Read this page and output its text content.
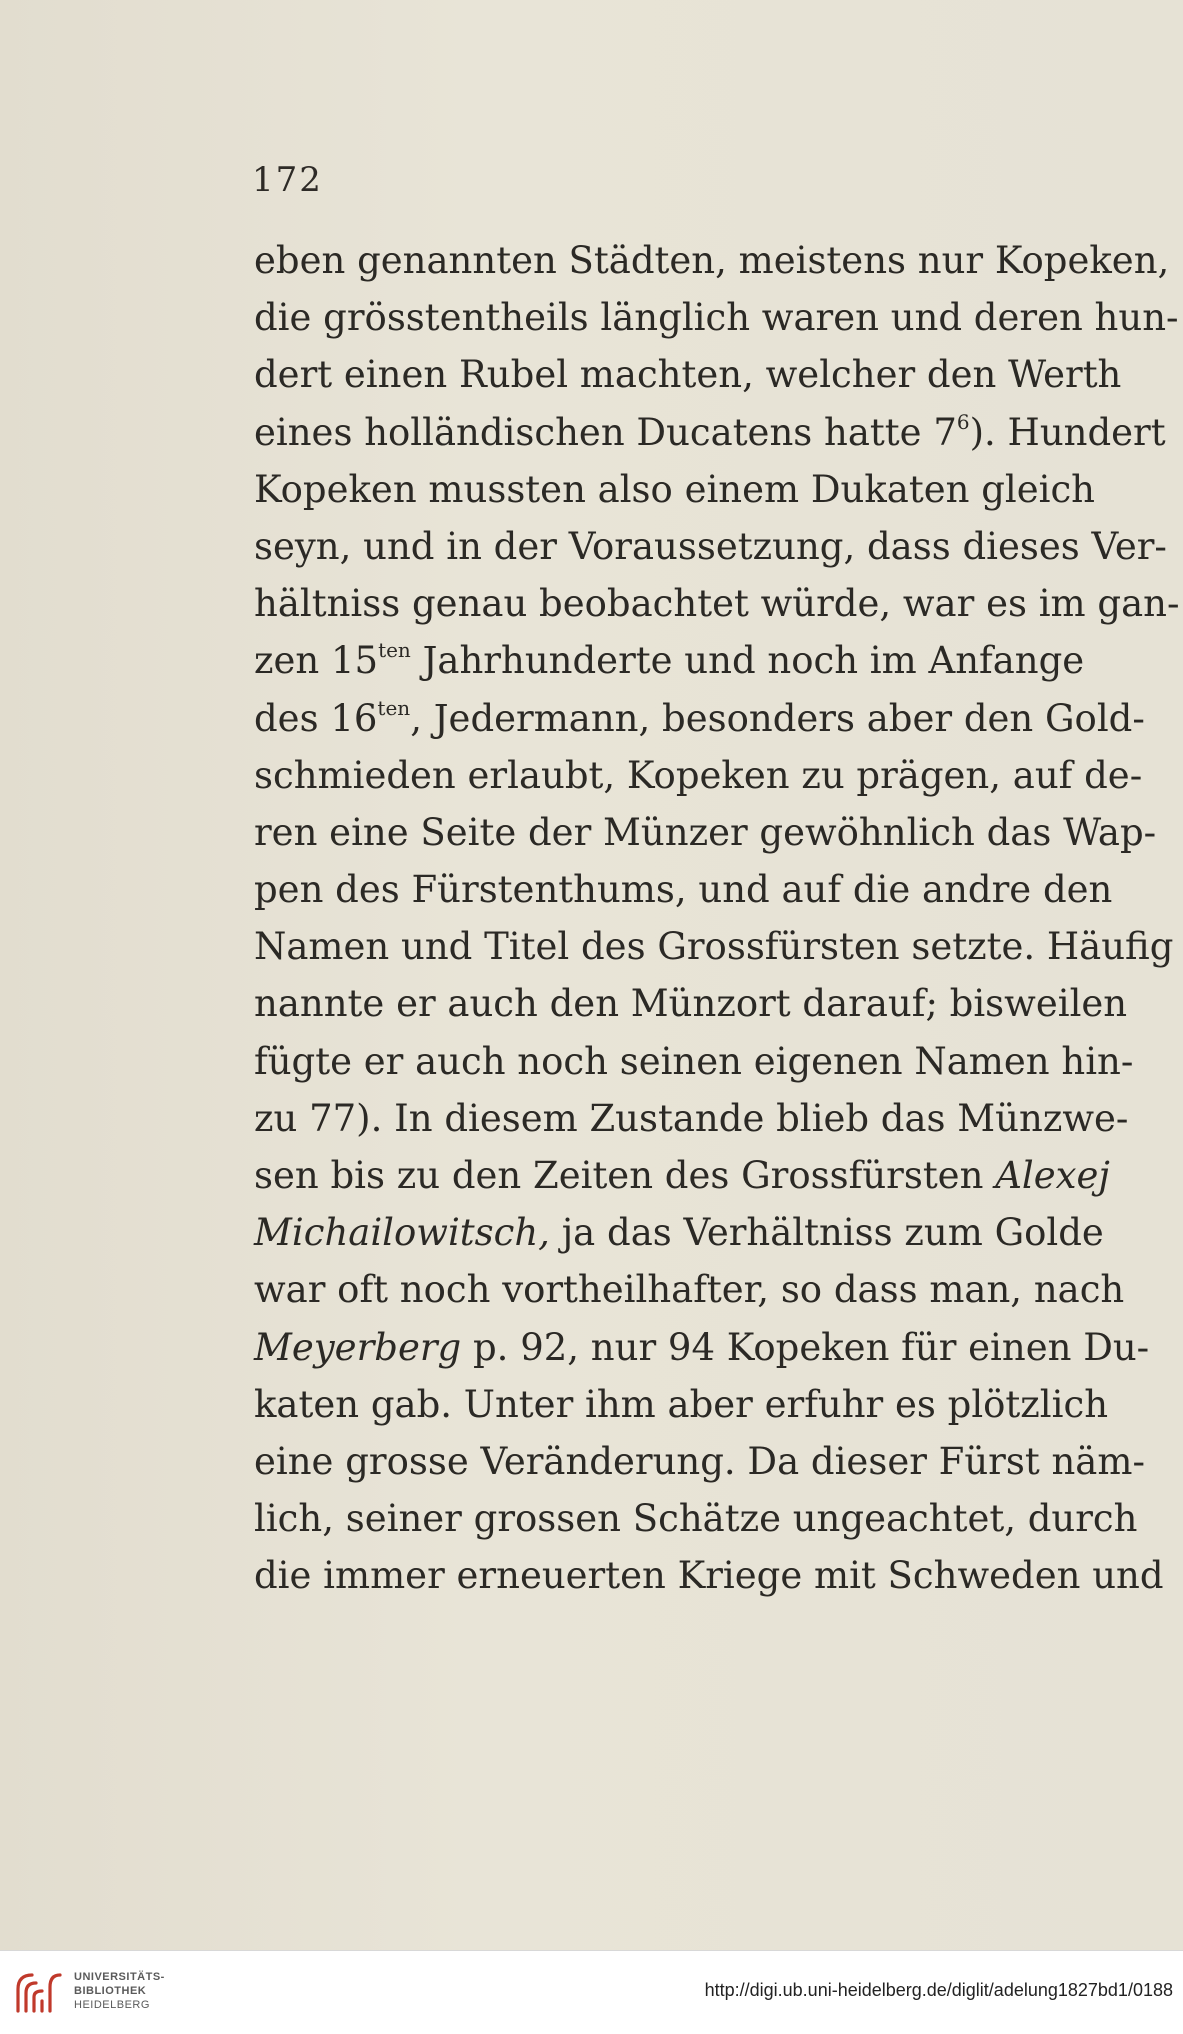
172
eben genannten Städten, meistens nur Kopeken,
die grösstentheils länglich waren und deren hun-
dert einen Rubel machten, welcher den Werth
eines holländischen Ducatens hatte $7^6$). Hundert
Kopeken mussten also einem Dukaten gleich
seyn, und in der Voraussetzung, dass dieses Ver-
hältniss genau beobachtet würde, war es im gan-
zen $15^{ten}$ Jahrhunderte und noch im Anfange
des $16^{ten}$, Jedermann, besonders aber den Gold-
schmieden erlaubt, Kopeken zu prägen, auf de-
ren eine Seite der Münzer gewöhnlich das Wap-
pen des Fürstenthums, und auf die andre den
Namen und Titel des Grossfürsten setzte. Häufig
nannte er auch den Münzort darauf; bisweilen
fügte er auch noch seinen eigenen Namen hin-
zu 77). In diesem Zustande blieb das Münzwe-
sen bis zu den Zeiten des Grossfürsten Alexej
Michailowitsch, ja das Verhältniss zum Golde
war oft noch vortheilhafter, so dass man, nach
Meyerberg p. 92, nur 94 Kopeken für einen Du-
katen gab. Unter ihm aber erfuhr es plötzlich
eine grosse Veränderung. Da dieser Fürst näm-
lich, seiner grossen Schätze ungeachtet, durch
die immer erneuerten Kriege mit Schweden und
UNIVERSITÄTS-
BIBLIOTHEK
HEIDELBERG
http://digi.ub.uni-heidelberg.de/diglit/adelung1827bd1/0188
